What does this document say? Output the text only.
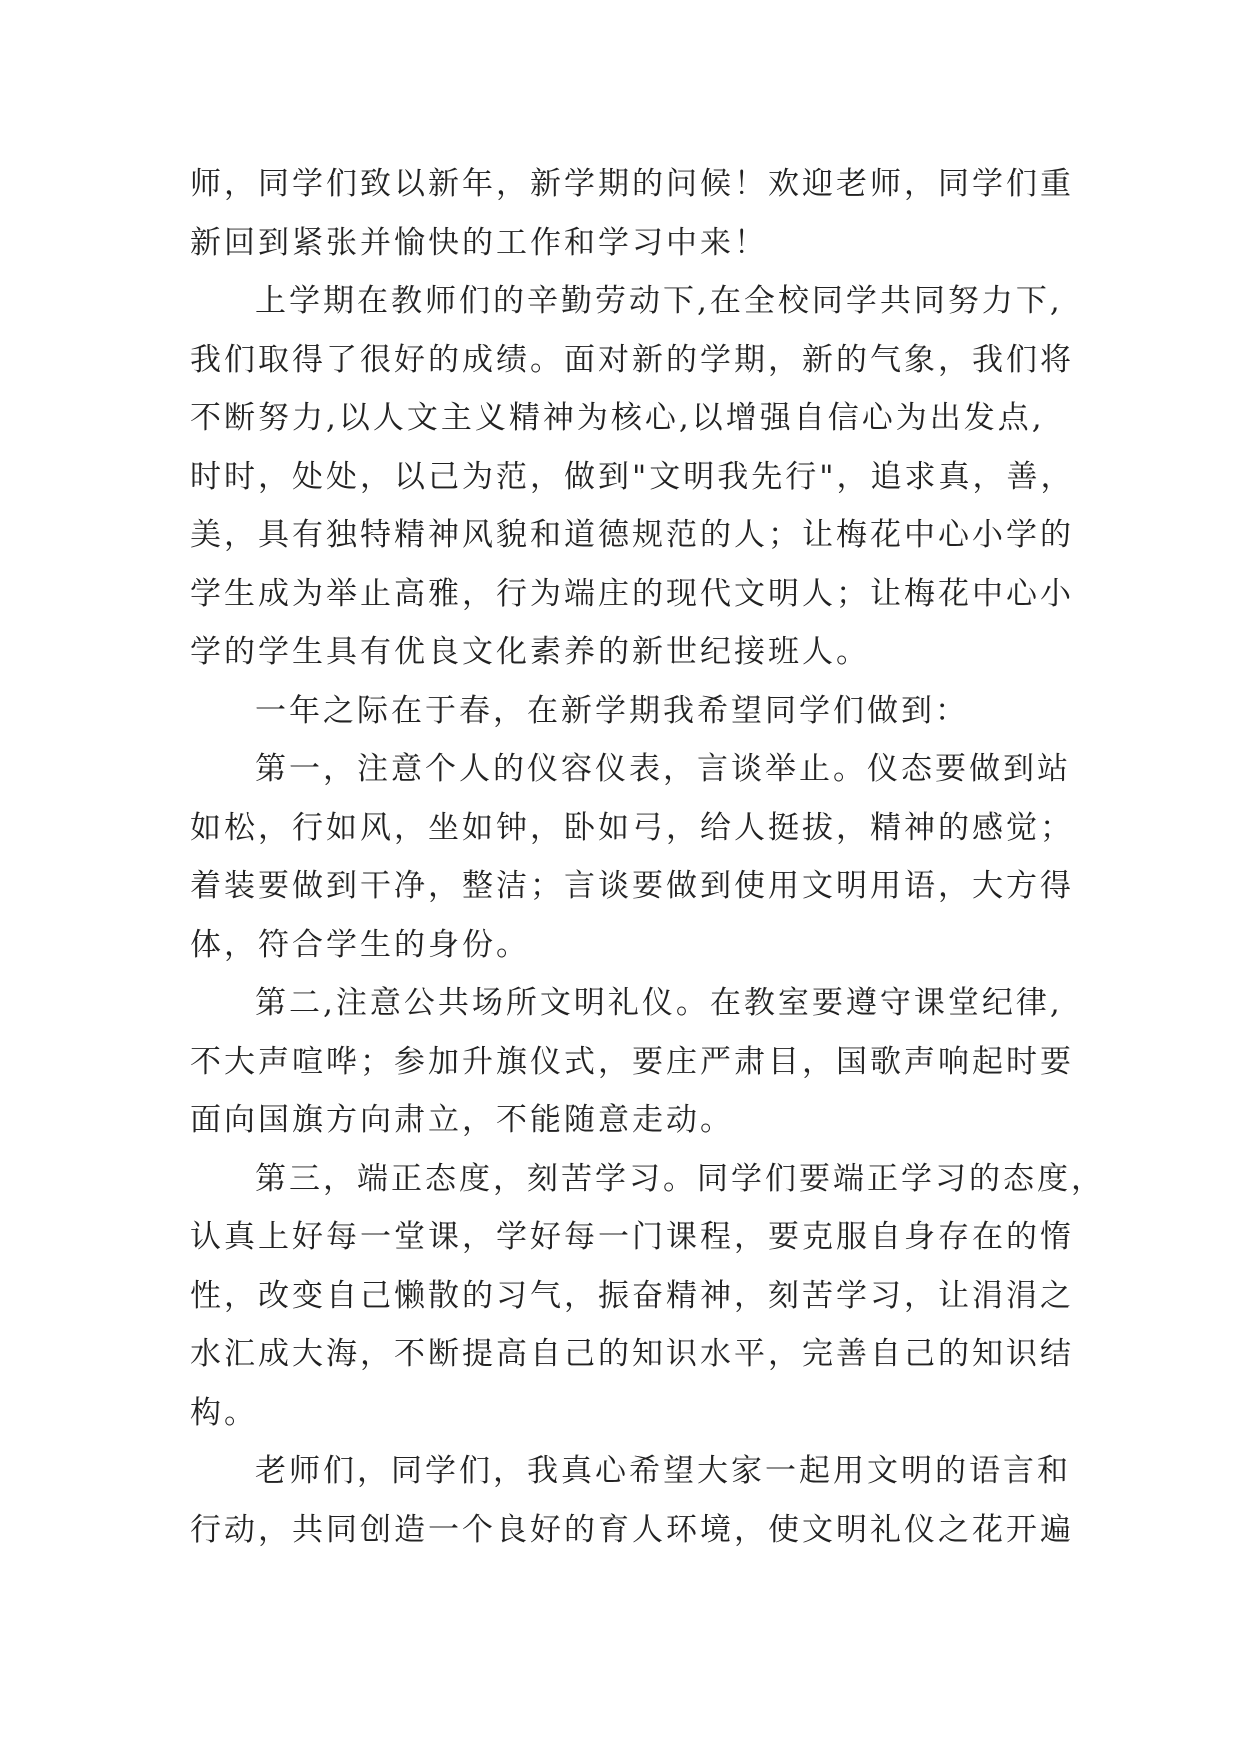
师，同学们致以新年，新学期的问候！欢迎老师，同学们重
新回到紧张并愉快的工作和学习中来！
上学期在教师们的辛勤劳动下,在全校同学共同努力下,
我们取得了很好的成绩。面对新的学期，新的气象，我们将
不断努力,以人文主义精神为核心,以增强自信心为出发点,
时时，处处，以己为范，做到"文明我先行"，追求真，善，
美，具有独特精神风貌和道德规范的人；让梅花中心小学的
学生成为举止高雅，行为端庄的现代文明人；让梅花中心小
学的学生具有优良文化素养的新世纪接班人。
一年之际在于春，在新学期我希望同学们做到：
第一，注意个人的仪容仪表，言谈举止。仪态要做到站
如松，行如风，坐如钟，卧如弓，给人挺拔，精神的感觉；
着装要做到干净，整洁；言谈要做到使用文明用语，大方得
体，符合学生的身份。
第二,注意公共场所文明礼仪。在教室要遵守课堂纪律,
不大声喧哗；参加升旗仪式，要庄严肃目，国歌声响起时要
面向国旗方向肃立，不能随意走动。
第三，端正态度，刻苦学习。同学们要端正学习的态度，
认真上好每一堂课，学好每一门课程，要克服自身存在的惰
性，改变自己懒散的习气，振奋精神，刻苦学习，让涓涓之
水汇成大海，不断提高自己的知识水平，完善自己的知识结
构。
老师们，同学们，我真心希望大家一起用文明的语言和
行动，共同创造一个良好的育人环境，使文明礼仪之花开遍
